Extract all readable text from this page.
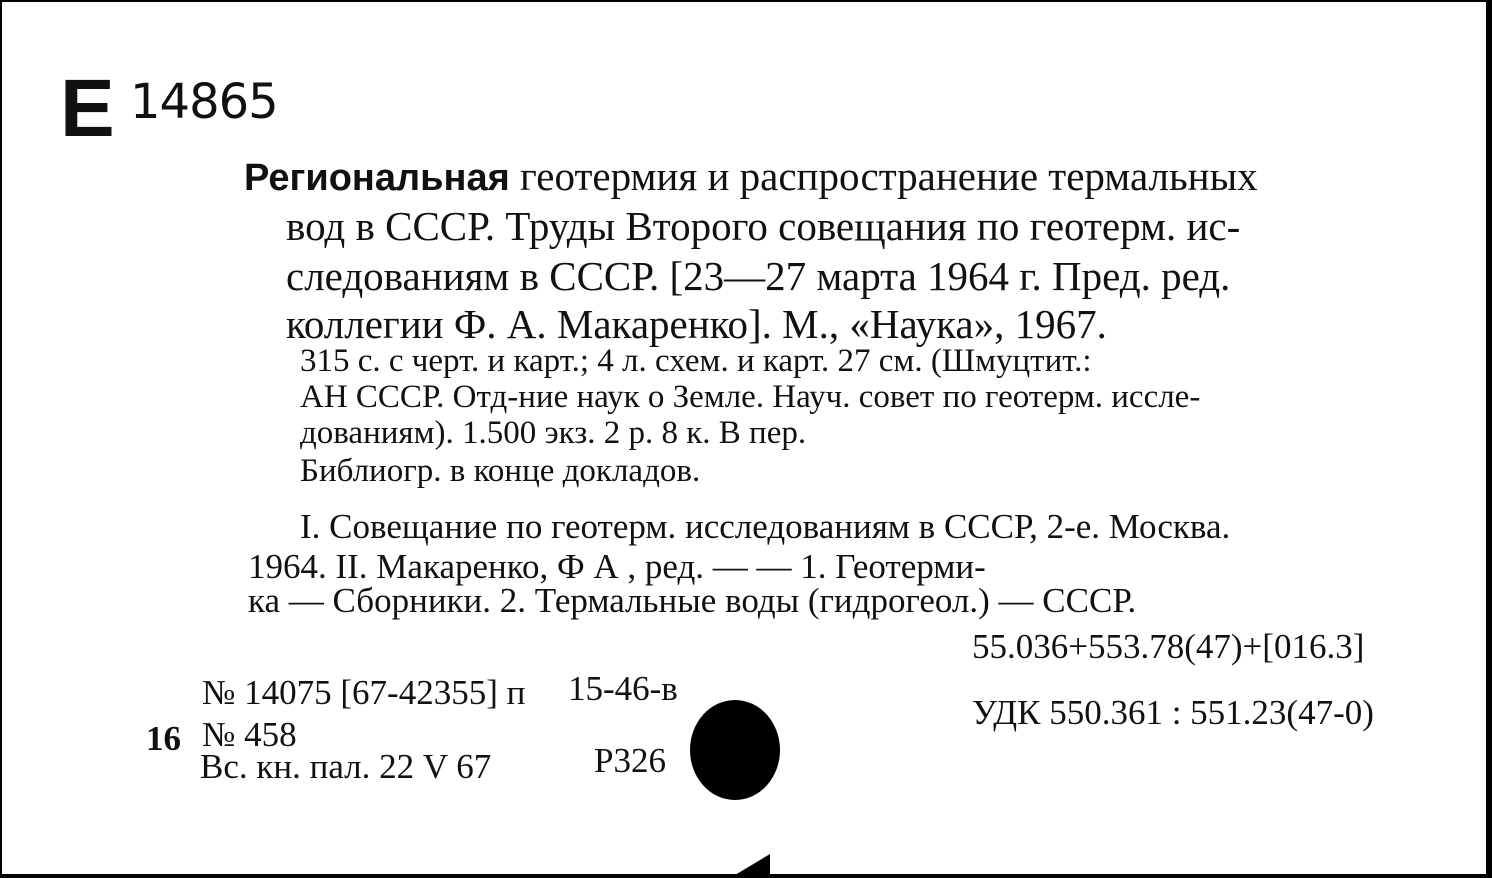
Е 14865
Региональная геотермия и распространение термальных
вод в СССР. Труды Второго совещания по геотерм. ис-
следованиям в СССР. [23—27 марта 1964 г. Пред. ред.
коллегии Ф. А. Макаренко]. М., «Наука», 1967.
315 с. с черт. и карт.; 4 л. схем. и карт. 27 см. (Шмуцтит.:
АН СССР. Отд-ние наук о Земле. Науч. совет по геотерм. иссле-
дованиям). 1.500 экз. 2 р. 8 к. В пер.
Библиогр. в конце докладов.
I. Совещание по геотерм. исследованиям в СССР, 2-е. Москва.
1964. II. Макаренко, Ф А , ред. — — 1. Геотерми-
ка — Сборники. 2. Термальные воды (гидрогеол.) — СССР.
55.036+553.78(47)+[016.3]
УДК 550.361 : 551.23(47-0)
№ 14075 [67-42355] п 15-46-в
16 № 458
Вс. кн. пал. 22 V 67	Р326
